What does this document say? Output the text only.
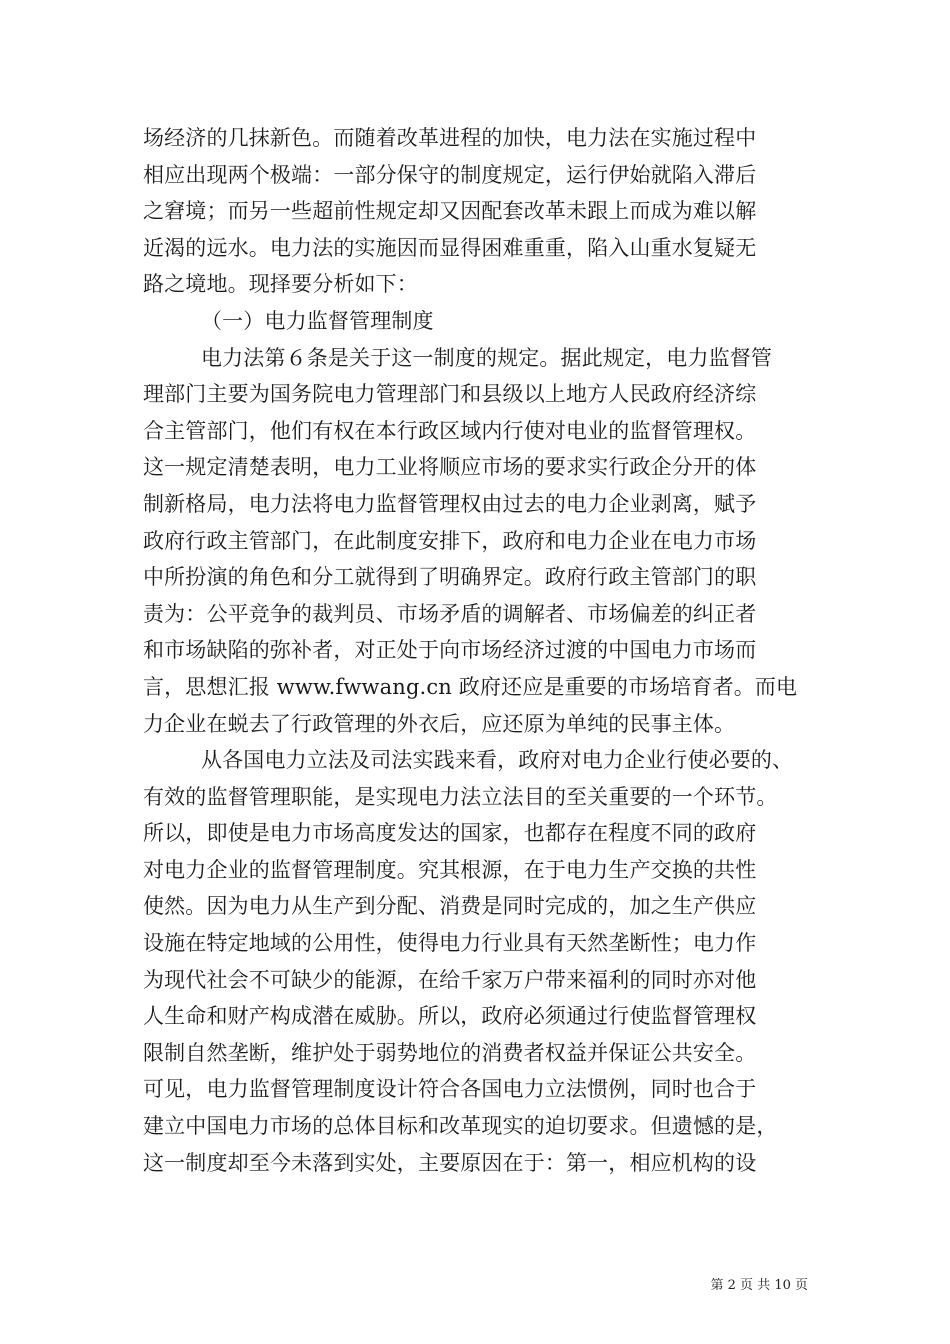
场经济的几抹新色。而随着改革进程的加快，电力法在实施过程中
相应出现两个极端：一部分保守的制度规定，运行伊始就陷入滞后
之窘境；而另一些超前性规定却又因配套改革未跟上而成为难以解
近渴的远水。电力法的实施因而显得困难重重，陷入山重水复疑无
路之境地。现择要分析如下：
（一）电力监督管理制度
电力法第６条是关于这一制度的规定。据此规定，电力监督管
理部门主要为国务院电力管理部门和县级以上地方人民政府经济综
合主管部门，他们有权在本行政区域内行使对电业的监督管理权。
这一规定清楚表明，电力工业将顺应市场的要求实行政企分开的体
制新格局，电力法将电力监督管理权由过去的电力企业剥离，赋予
政府行政主管部门，在此制度安排下，政府和电力企业在电力市场
中所扮演的角色和分工就得到了明确界定。政府行政主管部门的职
责为：公平竞争的裁判员、市场矛盾的调解者、市场偏差的纠正者
和市场缺陷的弥补者，对正处于向市场经济过渡的中国电力市场而
言，思想汇报 www.fwwang.cn 政府还应是重要的市场培育者。而电
力企业在蜕去了行政管理的外衣后，应还原为单纯的民事主体。
从各国电力立法及司法实践来看，政府对电力企业行使必要的、
有效的监督管理职能，是实现电力法立法目的至关重要的一个环节。
所以，即使是电力市场高度发达的国家，也都存在程度不同的政府
对电力企业的监督管理制度。究其根源，在于电力生产交换的共性
使然。因为电力从生产到分配、消费是同时完成的，加之生产供应
设施在特定地域的公用性，使得电力行业具有天然垄断性；电力作
为现代社会不可缺少的能源，在给千家万户带来福利的同时亦对他
人生命和财产构成潜在威胁。所以，政府必须通过行使监督管理权
限制自然垄断，维护处于弱势地位的消费者权益并保证公共安全。
可见，电力监督管理制度设计符合各国电力立法惯例，同时也合于
建立中国电力市场的总体目标和改革现实的迫切要求。但遗憾的是，
这一制度却至今未落到实处，主要原因在于：第一，相应机构的设
第 2 页 共 10 页
